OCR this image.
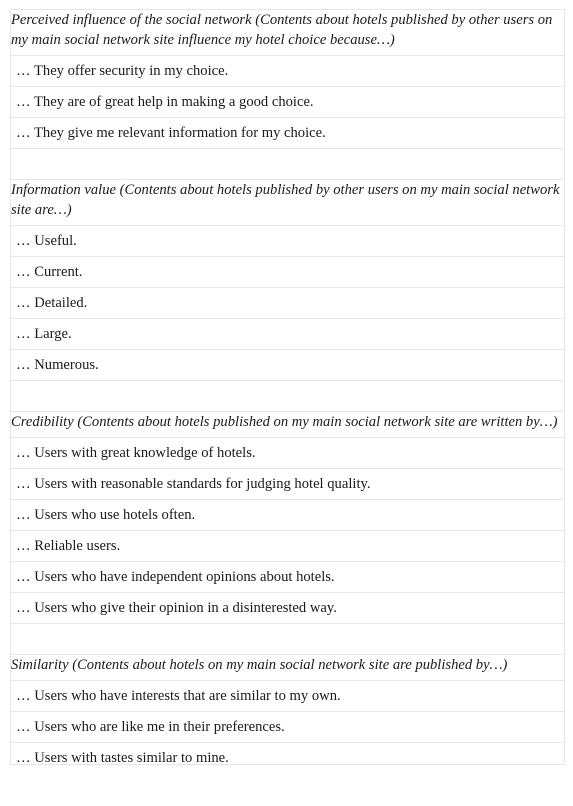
Perceived influence of the social network (Contents about hotels published by other users on my main social network site influence my hotel choice because…)
… They offer security in my choice.
… They are of great help in making a good choice.
… They give me relevant information for my choice.
Information value (Contents about hotels published by other users on my main social network site are…)
… Useful.
… Current.
… Detailed.
… Large.
… Numerous.
Credibility (Contents about hotels published on my main social network site are written by…)
… Users with great knowledge of hotels.
… Users with reasonable standards for judging hotel quality.
… Users who use hotels often.
… Reliable users.
… Users who have independent opinions about hotels.
… Users who give their opinion in a disinterested way.
Similarity (Contents about hotels on my main social network site are published by…)
… Users who have interests that are similar to my own.
… Users who are like me in their preferences.
… Users with tastes similar to mine.
